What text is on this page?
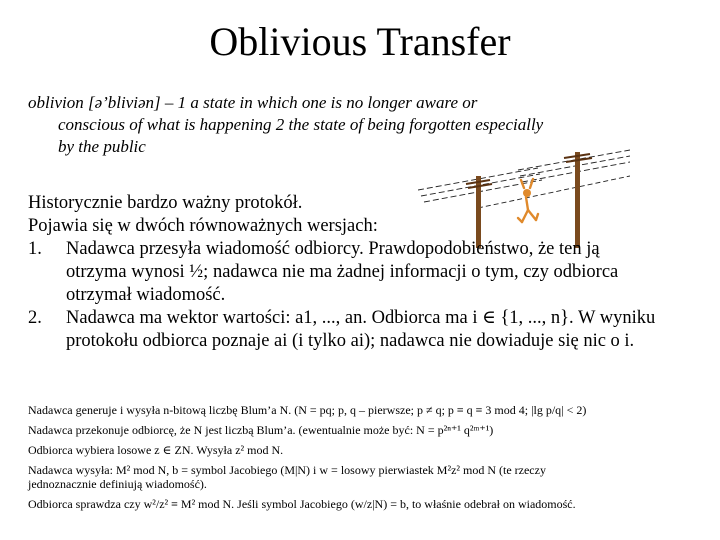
Oblivious Transfer
oblivion [ə’bliviən] – 1 a state in which one is no longer aware or
conscious of what is happening 2 the state of being forgotten especially
by the public
Historycznie bardzo ważny protokół.
Pojawia się w dwóch równoważnych wersjach:
1. Nadawca przesyła wiadomość odbiorcy. Prawdopodobieństwo, że ten ją
otrzyma wynosi ½; nadawca nie ma żadnej informacji o tym, czy odbiorca
otrzymał wiadomość.
2. Nadawca ma wektor wartości: a1, ..., an. Odbiorca ma i ∈ {1, ..., n}. W wyniku
protokołu odbiorca poznaje ai (i tylko ai); nadawca nie dowiaduje się nic o i.
Nadawca generuje i wysyła n-bitową liczbę Blum’a N. (N = pq; p, q – pierwsze; p ≠ q; p ≡ q ≡ 3 mod 4; |lg p/q| < 2)
Nadawca przekonuje odbiorcę, że N jest liczbą Blum’a. (ewentualnie może być: N = p²ⁿ⁺¹ q²ᵐ⁺¹)
Odbiorca wybiera losowe z ∈ ZN. Wysyła z² mod N.
Nadawca wysyła: M² mod N, b = symbol Jacobiego (M|N) i w = losowy pierwiastek M²z² mod N (te rzeczy
jednoznacznie definiują wiadomość).
Odbiorca sprawdza czy w²/z² ≡ M² mod N. Jeśli symbol Jacobiego (w/z|N) = b, to właśnie odebrał on wiadomość.
